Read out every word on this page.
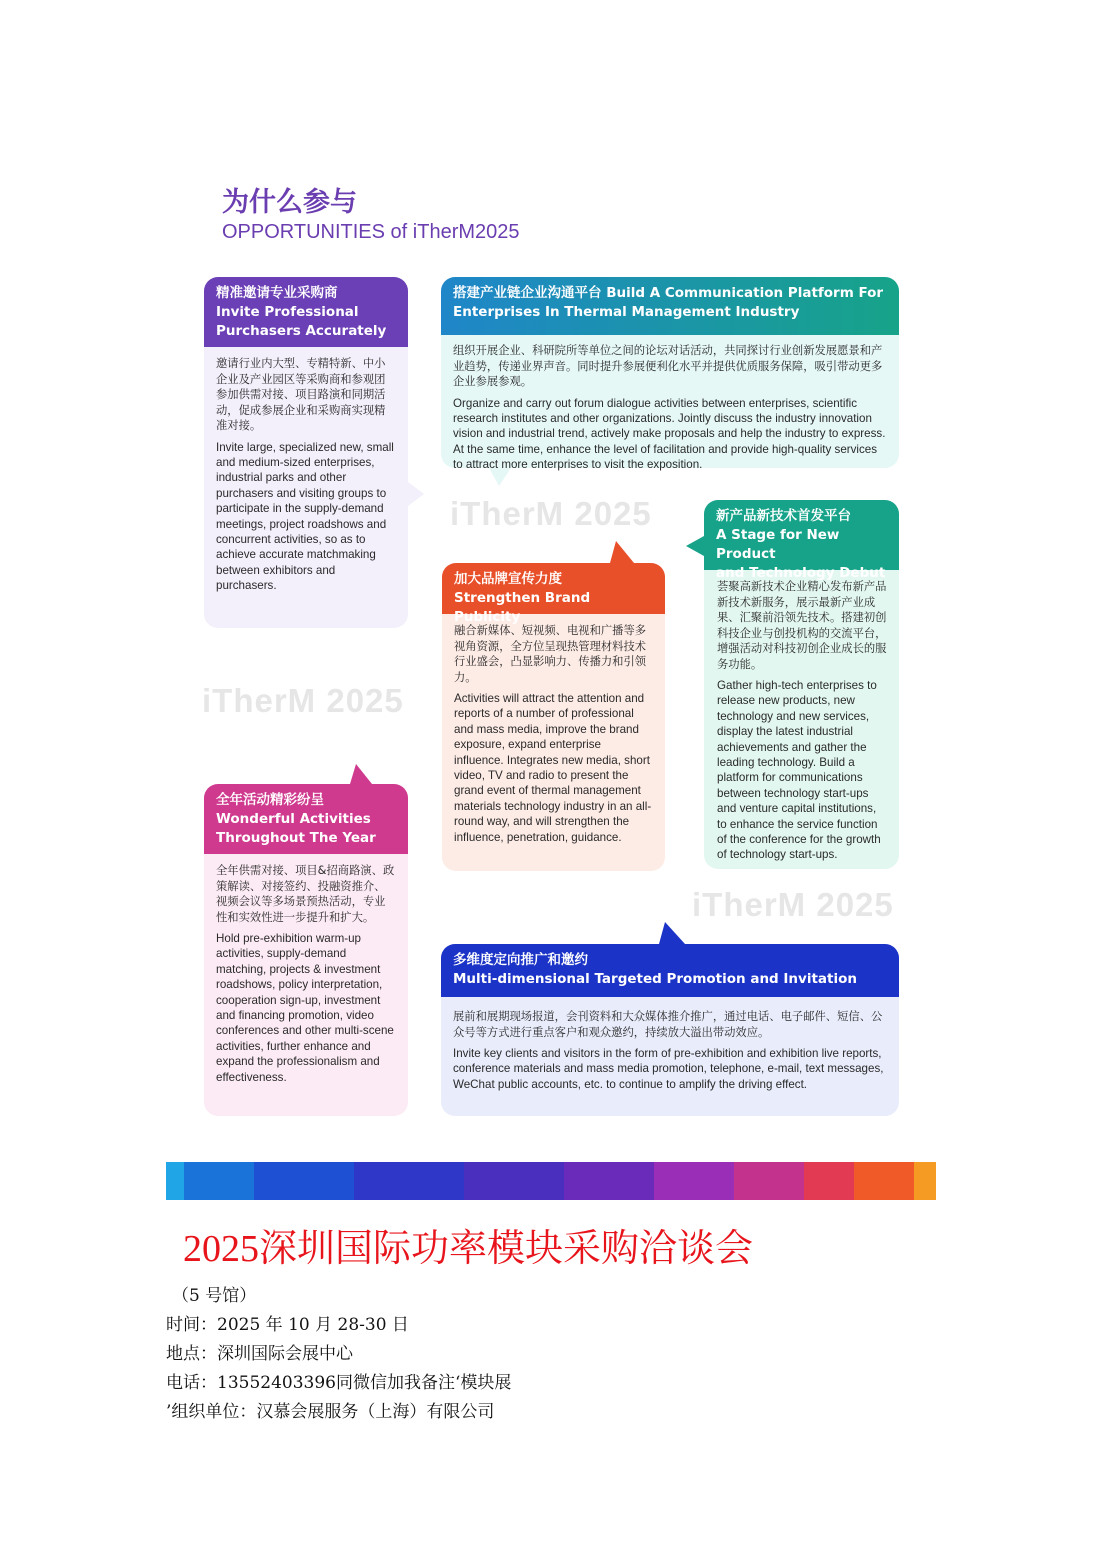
为什么参与
OPPORTUNITIES of iTherM2025
iTherM 2025
iTherM 2025
iTherM 2025
精准邀请专业采购商
Invite Professional
Purchasers Accurately

邀请行业内大型、专精特新、中小企业及产业园区等采购商和参观团参加供需对接、项目路演和同期活动，促成参展企业和采购商实现精准对接。

Invite large, specialized new, small and medium-sized enterprises, industrial parks and other purchasers and visiting groups to participate in the supply-demand meetings, project roadshows and concurrent activities, so as to achieve accurate matchmaking between exhibitors and purchasers.

搭建产业链企业沟通平台 Build A Communication Platform For Enterprises In Thermal Management Industry

组织开展企业、科研院所等单位之间的论坛对话活动，共同探讨行业创新发展愿景和产业趋势，传递业界声音。同时提升参展便利化水平并提供优质服务保障，吸引带动更多企业参展参观。

Organize and carry out forum dialogue activities between enterprises, scientific research institutes and other organizations. Jointly discuss the industry innovation vision and industrial trend, actively make proposals and help the industry to express. At the same time, enhance the level of facilitation and provide high-quality services to attract more enterprises to visit the exposition.

新产品新技术首发平台
A Stage for New Product
and Technology Debut

荟聚高新技术企业精心发布新产品新技术新服务，展示最新产业成果、汇聚前沿领先技术。搭建初创科技企业与创投机构的交流平台，增强活动对科技初创企业成长的服务功能。

Gather high-tech enterprises to release new products, new technology and new services, display the latest industrial achievements and gather the leading technology. Build a platform for communications between technology start-ups and venture capital institutions, to enhance the service function of the conference for the growth of technology start-ups.

加大品牌宣传力度
Strengthen Brand Publicity

融合新媒体、短视频、电视和广播等多视角资源，全方位呈现热管理材料技术行业盛会，凸显影响力、传播力和引领力。

Activities will attract the attention and reports of a number of professional and mass media, improve the brand exposure, expand enterprise influence. Integrates new media, short video, TV and radio to present the grand event of thermal management materials technology industry in an all-round way, and will strengthen the influence, penetration, guidance.

全年活动精彩纷呈
Wonderful Activities
Throughout The Year

全年供需对接、项目&招商路演、政策解读、对接签约、投融资推介、视频会议等多场景预热活动，专业性和实效性进一步提升和扩大。

Hold pre-exhibition warm-up activities, supply-demand matching, projects & investment roadshows, policy interpretation, cooperation sign-up, investment and financing promotion, video conferences and other multi-scene activities, further enhance and expand the professionalism and effectiveness.

多维度定向推广和邀约
Multi-dimensional Targeted Promotion and Invitation

展前和展期现场报道，会刊资料和大众媒体推介推广，通过电话、电子邮件、短信、公众号等方式进行重点客户和观众邀约，持续放大溢出带动效应。

Invite key clients and visitors in the form of pre-exhibition and exhibition live reports, conference materials and mass media promotion, telephone, e-mail, text messages, WeChat public accounts, etc. to continue to amplify the driving effect.

2025深圳国际功率模块采购洽谈会
（5 号馆）
时间：2025 年 10 月 28-30 日
地点：深圳国际会展中心
电话：13552403396同微信加我备注‘模块展
’组织单位：汉慕会展服务（上海）有限公司
